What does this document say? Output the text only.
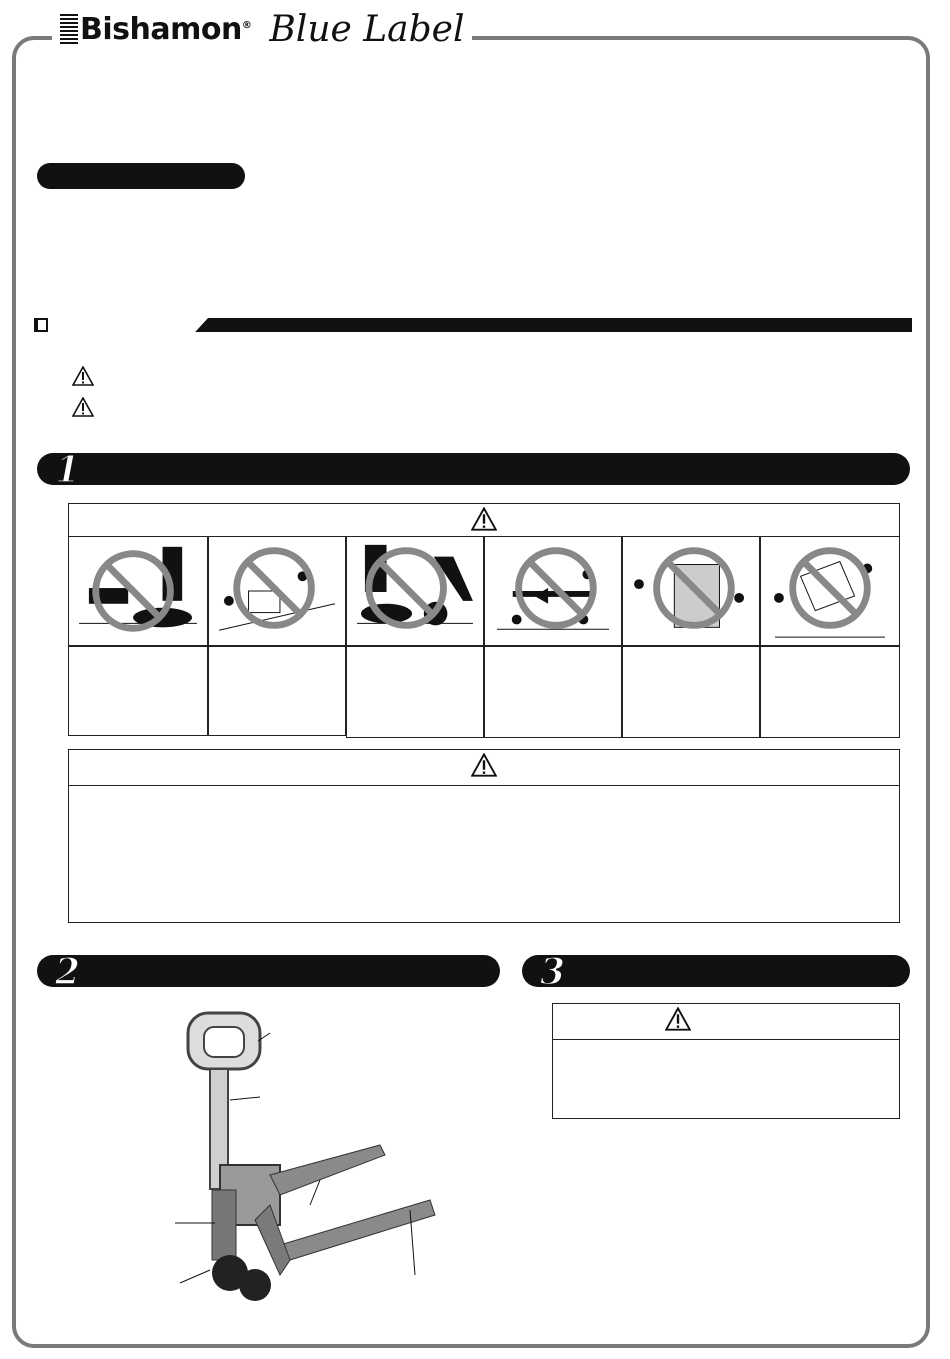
Bishamon® Blue Label
1
2	3
